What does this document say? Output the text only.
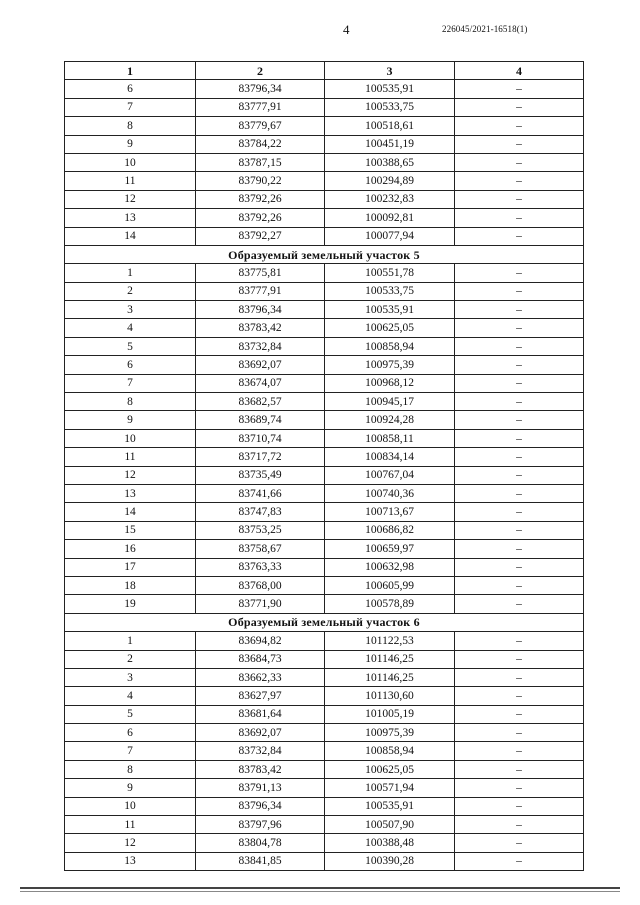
4	226045/2021-16518(1)
1	2	3	4
6	83796,34	100535,91	–
7	83777,91	100533,75	–
8	83779,67	100518,61	–
9	83784,22	100451,19	–
10	83787,15	100388,65	–
11	83790,22	100294,89	–
12	83792,26	100232,83	–
13	83792,26	100092,81	–
14	83792,27	100077,94	–
Образуемый земельный участок 5			
1	83775,81	100551,78	–
2	83777,91	100533,75	–
3	83796,34	100535,91	–
4	83783,42	100625,05	–
5	83732,84	100858,94	–
6	83692,07	100975,39	–
7	83674,07	100968,12	–
8	83682,57	100945,17	–
9	83689,74	100924,28	–
10	83710,74	100858,11	–
11	83717,72	100834,14	–
12	83735,49	100767,04	–
13	83741,66	100740,36	–
14	83747,83	100713,67	–
15	83753,25	100686,82	–
16	83758,67	100659,97	–
17	83763,33	100632,98	–
18	83768,00	100605,99	–
19	83771,90	100578,89	–
Образуемый земельный участок 6			
1	83694,82	101122,53	–
2	83684,73	101146,25	–
3	83662,33	101146,25	–
4	83627,97	101130,60	–
5	83681,64	101005,19	–
6	83692,07	100975,39	–
7	83732,84	100858,94	–
8	83783,42	100625,05	–
9	83791,13	100571,94	–
10	83796,34	100535,91	–
11	83797,96	100507,90	–
12	83804,78	100388,48	–
13	83841,85	100390,28	–
